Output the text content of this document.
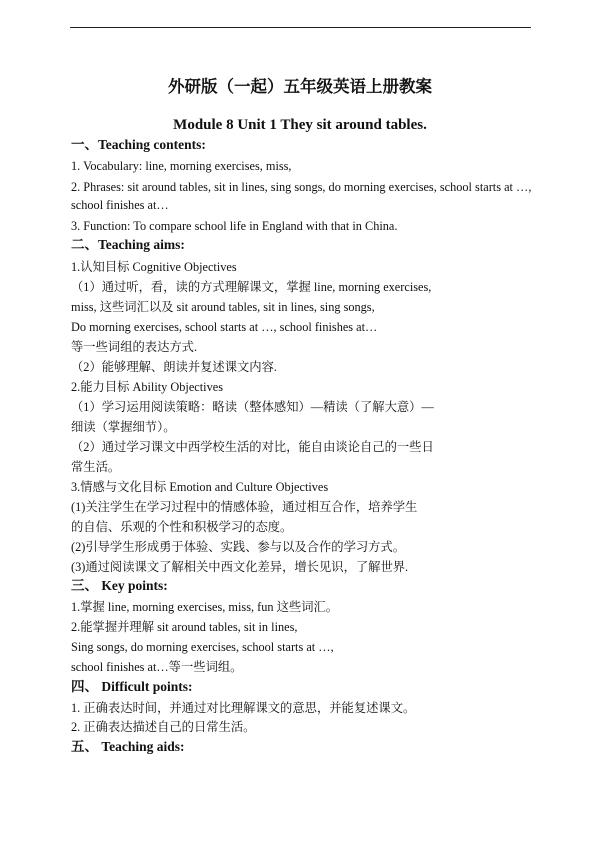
外研版（一起）五年级英语上册教案
Module 8 Unit 1 They sit around tables.
一、Teaching contents:
1. Vocabulary: line, morning exercises, miss,
2. Phrases: sit around tables, sit in lines, sing songs, do morning exercises, school starts at …,
school finishes at…
3. Function: To compare school life in England with that in China.
二、Teaching aims:
1.认知目标 Cognitive Objectives
（1）通过听，看，读的方式理解课文，掌握 line, morning exercises,
miss, 这些词汇以及 sit around tables, sit in lines, sing songs,
Do morning exercises, school starts at …, school finishes at…
等一些词组的表达方式.
（2）能够理解、朗读并复述课文内容.
2.能力目标 Ability Objectives
（1）学习运用阅读策略：略读（整体感知）—精读（了解大意）—
细读（掌握细节）。
（2）通过学习课文中西学校生活的对比，能自由谈论自己的一些日
常生活。
3.情感与文化目标 Emotion and Culture Objectives
(1)关注学生在学习过程中的情感体验，通过相互合作，培养学生
的自信、乐观的个性和积极学习的态度。
(2)引导学生形成勇于体验、实践、参与以及合作的学习方式。
(3)通过阅读课文了解相关中西文化差异，增长见识，了解世界.
三、 Key points:
1.掌握 line, morning exercises, miss, fun 这些词汇。
2.能掌握并理解 sit around tables, sit in lines,
Sing songs, do morning exercises, school starts at …,
school finishes at…等一些词组。
四、 Difficult points:
1. 正确表达时间，并通过对比理解课文的意思，并能复述课文。
2. 正确表达描述自己的日常生活。
五、 Teaching aids:
